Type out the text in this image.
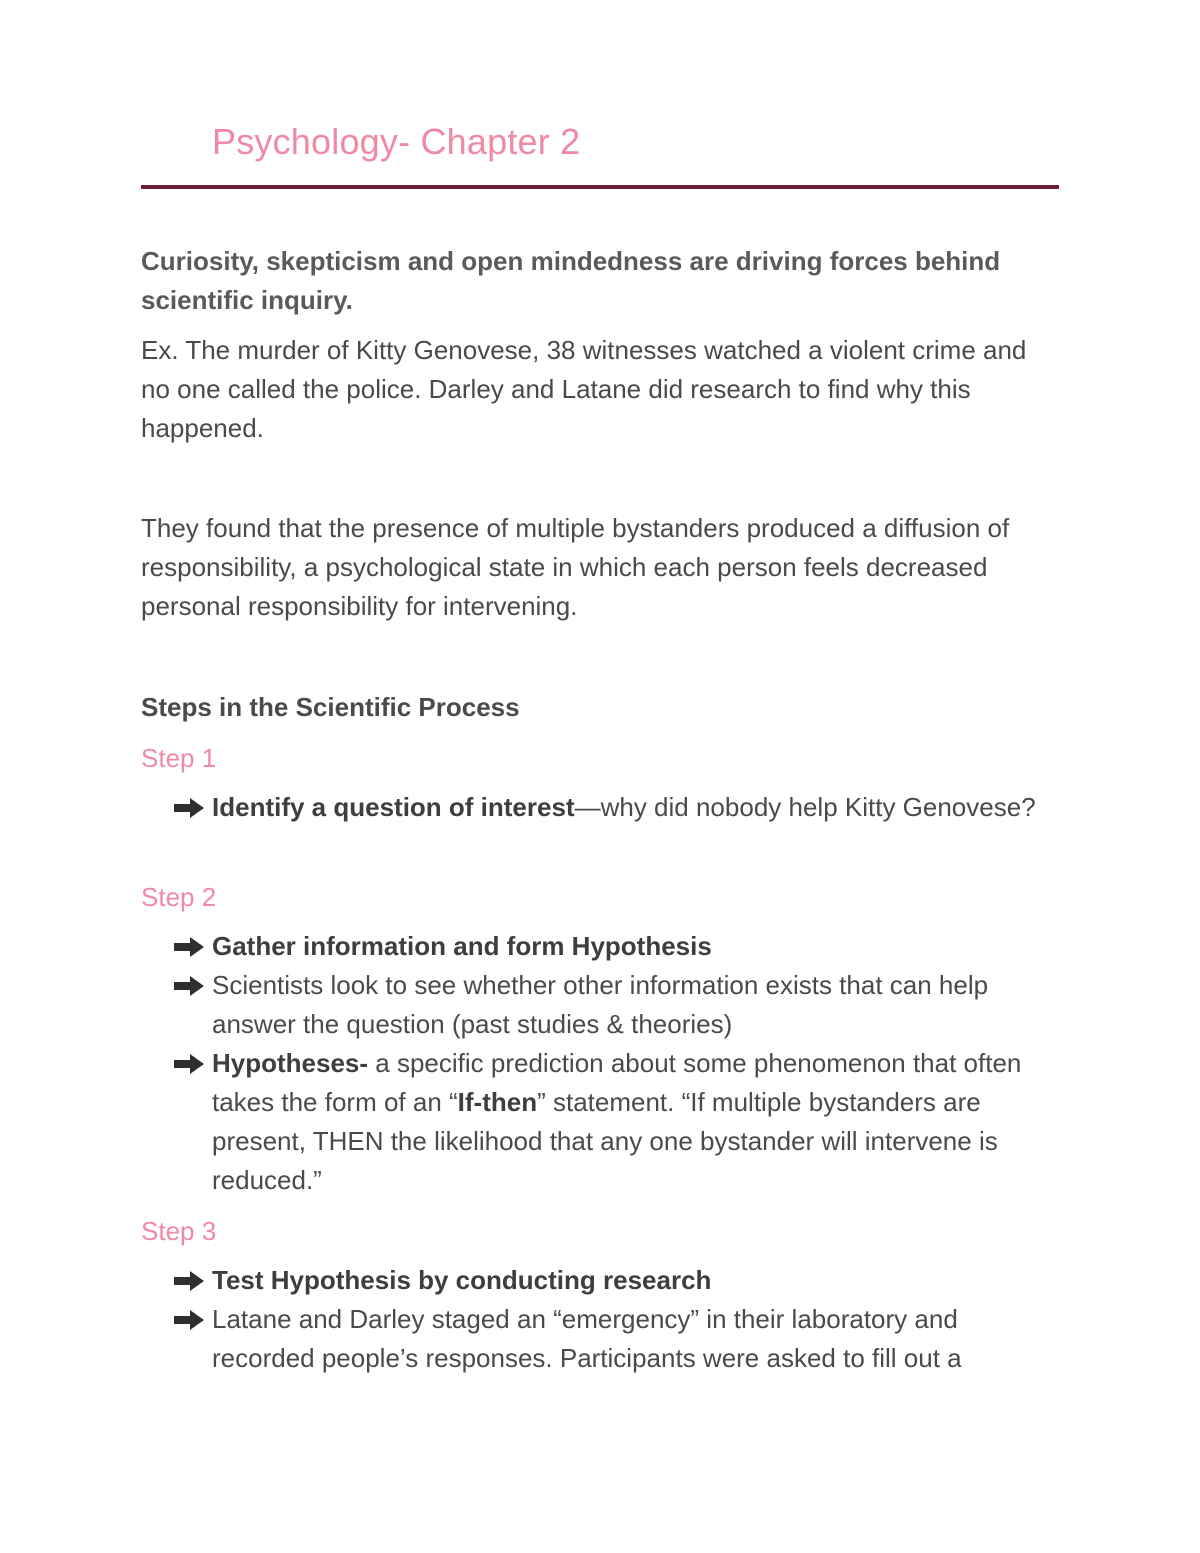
Psychology- Chapter 2

Curiosity, skepticism and open mindedness are driving forces behind scientific inquiry.

Ex. The murder of Kitty Genovese, 38 witnesses watched a violent crime and no one called the police. Darley and Latane did research to find why this happened.

They found that the presence of multiple bystanders produced a diffusion of responsibility, a psychological state in which each person feels decreased personal responsibility for intervening.

Steps in the Scientific Process

Step 1

Identify a question of interest—why did nobody help Kitty Genovese?

Step 2

Gather information and form Hypothesis
Scientists look to see whether other information exists that can help answer the question (past studies & theories)
Hypotheses- a specific prediction about some phenomenon that often takes the form of an “If-then” statement. “If multiple bystanders are present, THEN the likelihood that any one bystander will intervene is reduced.”

Step 3

Test Hypothesis by conducting research
Latane and Darley staged an “emergency” in their laboratory and recorded people’s responses. Participants were asked to fill out a
